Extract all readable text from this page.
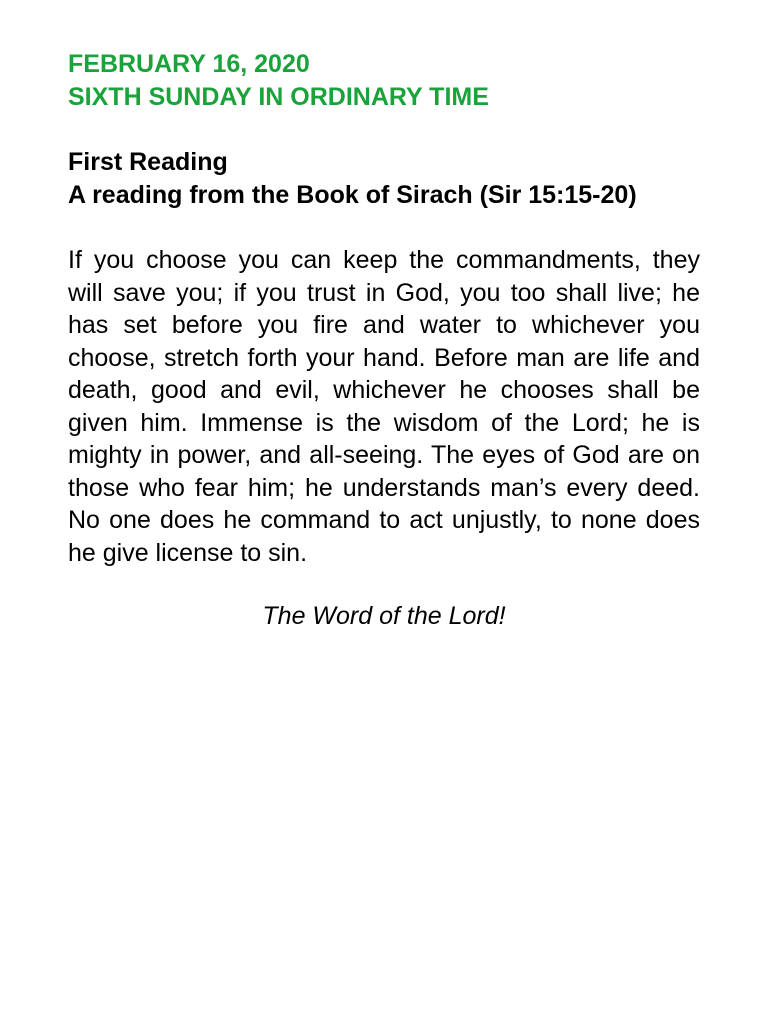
FEBRUARY 16, 2020

SIXTH SUNDAY IN ORDINARY TIME

First Reading

A reading from the Book of Sirach (Sir 15:15-20)

If you choose you can keep the commandments, they will save you; if you trust in God, you too shall live; he has set before you fire and water to whichever you choose, stretch forth your hand. Before man are life and death, good and evil, whichever he chooses shall be given him. Immense is the wisdom of the Lord; he is mighty in power, and all-seeing. The eyes of God are on those who fear him; he understands man’s every deed. No one does he command to act unjustly, to none does he give license to sin.
The Word of the Lord!
